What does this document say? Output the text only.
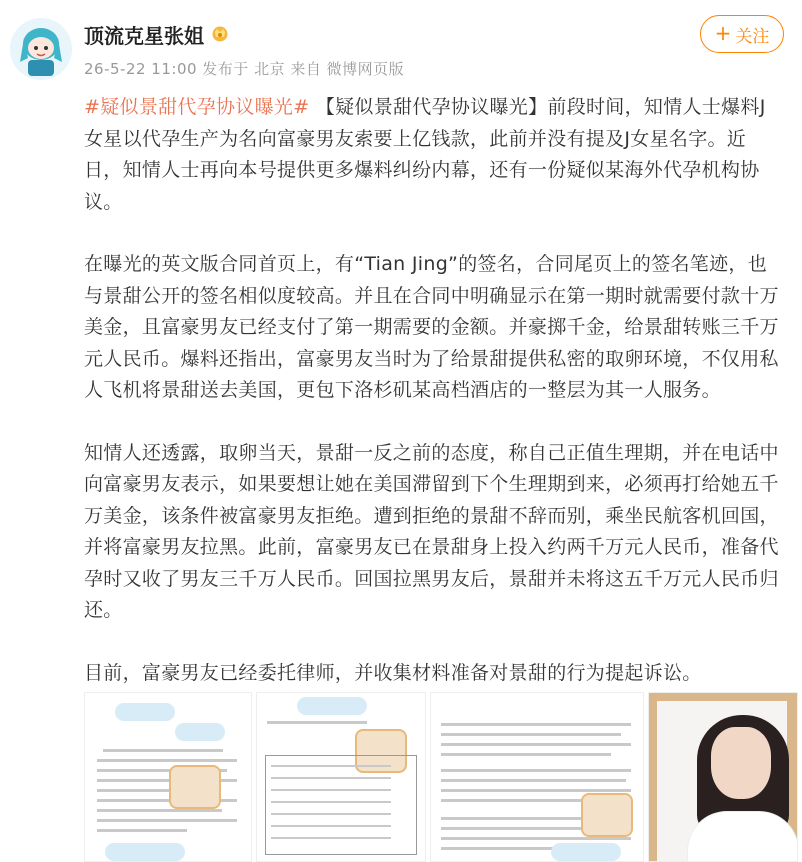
顶流克星张姐
26-5-22 11:00 发布于 北京 来自 微博网页版
+ 关注

#疑似景甜代孕协议曝光# 【疑似景甜代孕协议曝光】前段时间，知情人士爆料J女星以代孕生产为名向富豪男友索要上亿钱款，此前并没有提及J女星名字。近日，知情人士再向本号提供更多爆料纠纷内幕，还有一份疑似某海外代孕机构协议。

在曝光的英文版合同首页上，有“Tian Jing”的签名，合同尾页上的签名笔迹，也与景甜公开的签名相似度较高。并且在合同中明确显示在第一期时就需要付款十万美金，且富豪男友已经支付了第一期需要的金额。并豪掷千金，给景甜转账三千万元人民币。爆料还指出，富豪男友当时为了给景甜提供私密的取卵环境，不仅用私人飞机将景甜送去美国，更包下洛杉矶某高档酒店的一整层为其一人服务。

知情人还透露，取卵当天，景甜一反之前的态度，称自己正值生理期，并在电话中向富豪男友表示，如果要想让她在美国滞留到下个生理期到来，必须再打给她五千万美金，该条件被富豪男友拒绝。遭到拒绝的景甜不辞而别，乘坐民航客机回国，并将富豪男友拉黑。此前，富豪男友已在景甜身上投入约两千万元人民币，准备代孕时又收了男友三千万人民币。回国拉黑男友后，景甜并未将这五千万元人民币归还。

目前，富豪男友已经委托律师，并收集材料准备对景甜的行为提起诉讼。
